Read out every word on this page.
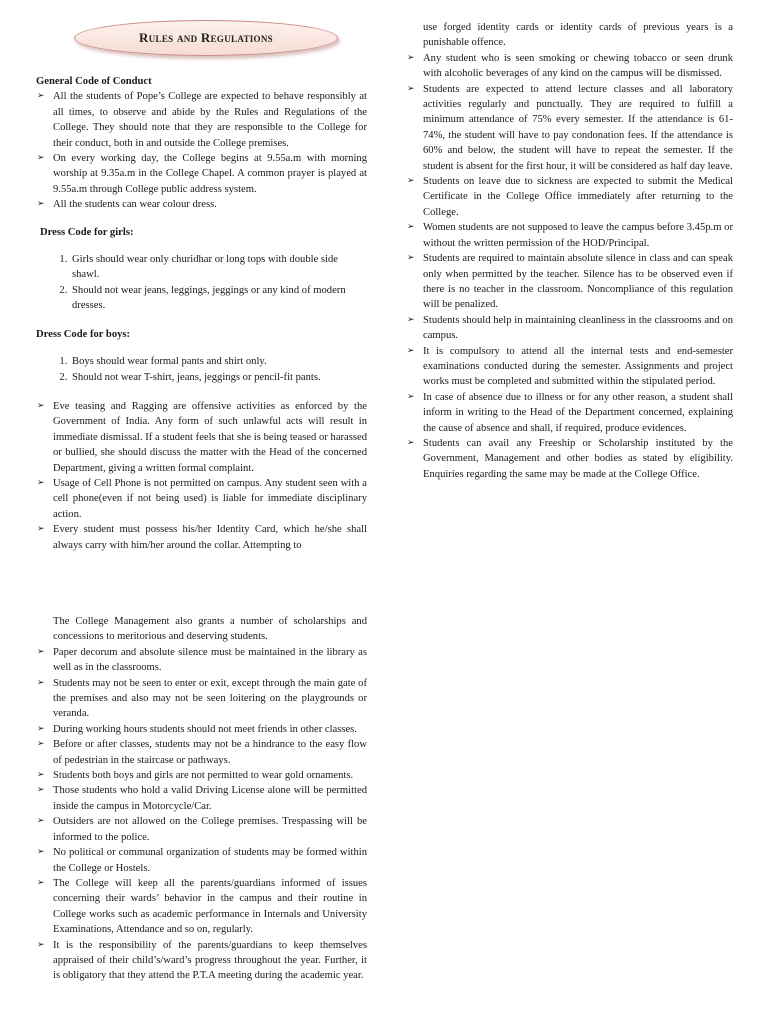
Rules and Regulations

General Code of Conduct

➢ All the students of Pope’s College are expected to behave responsibly at all times, to observe and abide by the Rules and Regulations of the College. They should note that they are responsible to the College for their conduct, both in and outside the College premises.
➢ On every working day, the College begins at 9.55a.m with morning worship at 9.35a.m in the College Chapel. A common prayer is played at 9.55a.m through College public address system.
➢ All the students can wear colour dress.

Dress Code for girls:

1. Girls should wear only churidhar or long tops with double side shawl.
2. Should not wear jeans, leggings, jeggings or any kind of modern dresses.

Dress Code for boys:

1. Boys should wear formal pants and shirt only.
2. Should not wear T-shirt, jeans, jeggings or pencil-fit pants.
➢ Eve teasing and Ragging are offensive activities as enforced by the Government of India. Any form of such unlawful acts will result in immediate dismissal. If a student feels that she is being teased or harassed or bullied, she should discuss the matter with the Head of the concerned Department, giving a written formal complaint.
➢ Usage of Cell Phone is not permitted on campus. Any student seen with a cell phone(even if not being used) is liable for immediate disciplinary action.
➢ Every student must possess his/her Identity Card, which he/she shall always carry with him/her around the collar. Attempting to

use forged identity cards or identity cards of previous years is a punishable offence.

➢ Any student who is seen smoking or chewing tobacco or seen drunk with alcoholic beverages of any kind on the campus will be dismissed.
➢ Students are expected to attend lecture classes and all laboratory activities regularly and punctually. They are required to fulfill a minimum attendance of 75% every semester. If the attendance is 61-74%, the student will have to pay condonation fees. If the attendance is 60% and below, the student will have to repeat the semester. If the student is absent for the first hour, it will be considered as half day leave.
➢ Students on leave due to sickness are expected to submit the Medical Certificate in the College Office immediately after returning to the College.
➢ Women students are not supposed to leave the campus before 3.45p.m or without the written permission of the HOD/Principal.
➢ Students are required to maintain absolute silence in class and can speak only when permitted by the teacher. Silence has to be observed even if there is no teacher in the classroom. Noncompliance of this regulation will be penalized.
➢ Students should help in maintaining cleanliness in the classrooms and on campus.
➢ It is compulsory to attend all the internal tests and end-semester examinations conducted during the semester. Assignments and project works must be completed and submitted within the stipulated period.
➢ In case of absence due to illness or for any other reason, a student shall inform in writing to the Head of the Department concerned, explaining the cause of absence and shall, if required, produce evidences.
➢ Students can avail any Freeship or Scholarship instituted by the Government, Management and other bodies as stated by eligibility. Enquiries regarding the same may be made at the College Office.

The College Management also grants a number of scholarships and concessions to meritorious and deserving students.

➢ Paper decorum and absolute silence must be maintained in the library as well as in the classrooms.
➢ Students may not be seen to enter or exit, except through the main gate of the premises and also may not be seen loitering on the playgrounds or veranda.
➢ During working hours students should not meet friends in other classes.
➢ Before or after classes, students may not be a hindrance to the easy flow of pedestrian in the staircase or pathways.
➢ Students both boys and girls are not permitted to wear gold ornaments.
➢ Those students who hold a valid Driving License alone will be permitted inside the campus in Motorcycle/Car.
➢ Outsiders are not allowed on the College premises. Trespassing will be informed to the police.
➢ No political or communal organization of students may be formed within the College or Hostels.
➢ The College will keep all the parents/guardians informed of issues concerning their wards’ behavior in the campus and their routine in College works such as academic performance in Internals and University Examinations, Attendance and so on, regularly.
➢ It is the responsibility of the parents/guardians to keep themselves appraised of their child’s/ward’s progress throughout the year. Further, it is obligatory that they attend the P.T.A meeting during the academic year.
